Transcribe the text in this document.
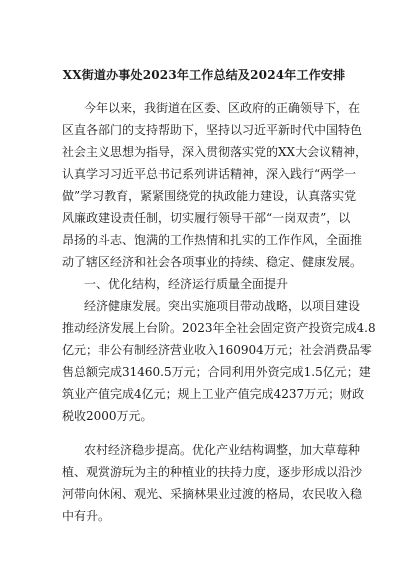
XX街道办事处2023年工作总结及2024年工作安排
今年以来，我街道在区委、区政府的正确领导下，在
区直各部门的支持帮助下，坚持以习近平新时代中国特色
社会主义思想为指导，深入贯彻落实党的XX大会议精神，
认真学习习近平总书记系列讲话精神，深入践行“两学一
做”学习教育，紧紧围绕党的执政能力建设，认真落实党
风廉政建设责任制，切实履行领导干部“一岗双责”，以
昂扬的斗志、饱满的工作热情和扎实的工作作风，全面推
动了辖区经济和社会各项事业的持续、稳定、健康发展。
一、优化结构，经济运行质量全面提升
经济健康发展。突出实施项目带动战略，以项目建设
推动经济发展上台阶。2023年全社会固定资产投资完成4.8
亿元；非公有制经济营业收入160904万元；社会消费品零
售总额完成31460.5万元；合同利用外资完成1.5亿元；建
筑业产值完成4亿元；规上工业产值完成4237万元；财政
税收2000万元。
农村经济稳步提高。优化产业结构调整，加大草莓种
植、观赏游玩为主的种植业的扶持力度，逐步形成以沿沙
河带向休闲、观光、采摘林果业过渡的格局，农民收入稳
中有升。
